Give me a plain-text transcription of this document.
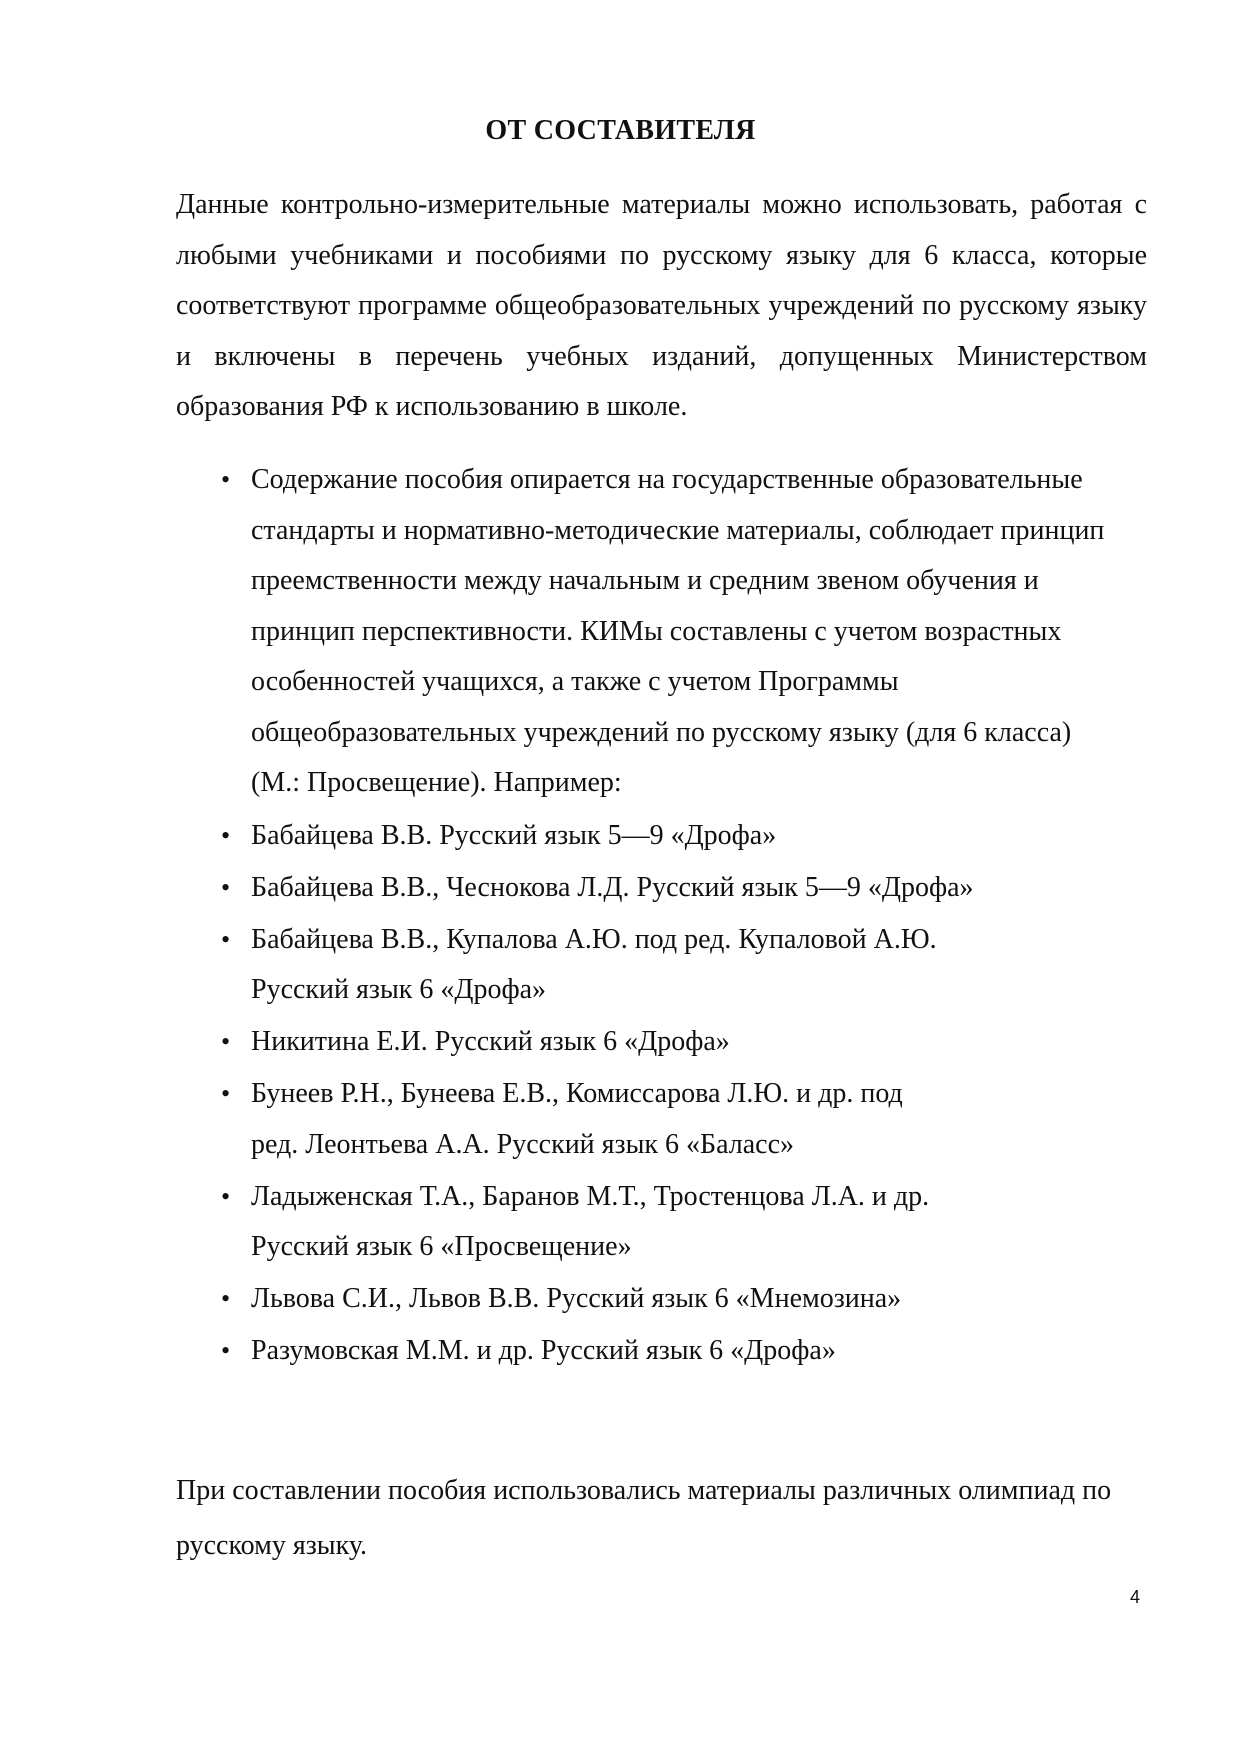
ОТ СОСТАВИТЕЛЯ

Данные контрольно-измерительные материалы можно использовать, работая с любыми учебниками и пособиями по русскому языку для 6 класса, которые соответствуют программе общеобразовательных учреждений по русскому языку и включены в перечень учебных изданий, допущенных Министерством образования РФ к использованию в школе.

• Содержание пособия опирается на государственные образовательные
стандарты и нормативно-методические материалы, соблюдает принцип
преемственности между начальным и средним звеном обучения и
принцип перспективности. КИМы составлены с учетом возрастных
особенностей учащихся, а также с учетом Программы
общеобразовательных учреждений по русскому языку (для 6 класса)
(М.: Просвещение). Например:
• Бабайцева В.В. Русский язык 5—9 «Дрофа»
• Бабайцева В.В., Чеснокова Л.Д. Русский язык 5—9 «Дрофа»
• Бабайцева В.В., Купалова А.Ю. под ред. Купаловой А.Ю.
Русский язык 6 «Дрофа»
• Никитина Е.И. Русский язык 6 «Дрофа»
• Бунеев Р.Н., Бунеева Е.В., Комиссарова Л.Ю. и др. под
ред. Леонтьева А.А. Русский язык 6 «Баласс»
• Ладыженская Т.А., Баранов М.Т., Тростенцова Л.А. и др.
Русский язык 6 «Просвещение»
• Львова С.И., Львов В.В. Русский язык 6 «Мнемозина»
• Разумовская М.М. и др. Русский язык 6 «Дрофа»

При составлении пособия использовались материалы различных олимпиад по
русскому языку.

4
